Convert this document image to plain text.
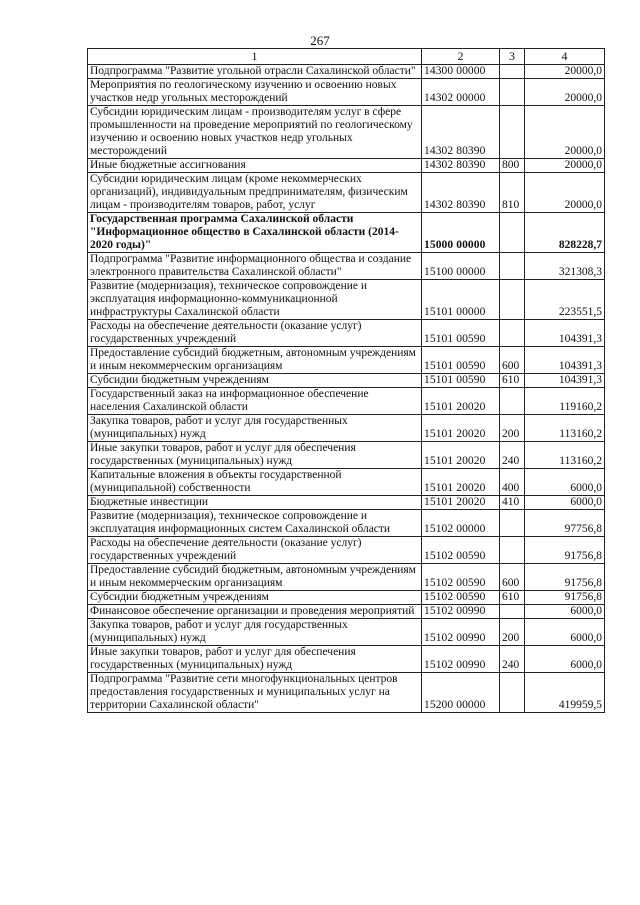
267
1	2	3	4
Подпрограмма "Развитие угольной отрасли Сахалинской области"	14300 00000		20000,0
Мероприятия по геологическому изучению и освоению новых участков недр угольных месторождений	14302 00000		20000,0
Субсидии юридическим лицам - производителям услуг в сфере промышленности на проведение мероприятий по геологическому изучению и освоению новых участков недр угольных месторождений	14302 80390		20000,0
Иные бюджетные ассигнования	14302 80390	800	20000,0
Субсидии юридическим лицам (кроме некоммерческих организаций), индивидуальным предпринимателям, физическим лицам - производителям товаров, работ, услуг	14302 80390	810	20000,0
Государственная программа Сахалинской области "Информационное общество в Сахалинской области (2014-2020 годы)"	15000 00000		828228,7
Подпрограмма "Развитие информационного общества и создание электронного правительства Сахалинской области"	15100 00000		321308,3
Развитие (модернизация), техническое сопровождение и эксплуатация информационно-коммуникационной инфраструктуры Сахалинской области	15101 00000		223551,5
Расходы на обеспечение деятельности (оказание услуг) государственных учреждений	15101 00590		104391,3
Предоставление субсидий бюджетным, автономным учреждениям и иным некоммерческим организациям	15101 00590	600	104391,3
Субсидии бюджетным учреждениям	15101 00590	610	104391,3
Государственный заказ на информационное обеспечение населения Сахалинской области	15101 20020		119160,2
Закупка товаров, работ и услуг для государственных (муниципальных) нужд	15101 20020	200	113160,2
Иные закупки товаров, работ и услуг для обеспечения государственных (муниципальных) нужд	15101 20020	240	113160,2
Капитальные вложения в объекты государственной (муниципальной) собственности	15101 20020	400	6000,0
Бюджетные инвестиции	15101 20020	410	6000,0
Развитие (модернизация), техническое сопровождение и эксплуатация информационных систем Сахалинской области	15102 00000		97756,8
Расходы на обеспечение деятельности (оказание услуг) государственных учреждений	15102 00590		91756,8
Предоставление субсидий бюджетным, автономным учреждениям и иным некоммерческим организациям	15102 00590	600	91756,8
Субсидии бюджетным учреждениям	15102 00590	610	91756,8
Финансовое обеспечение организации и проведения мероприятий	15102 00990		6000,0
Закупка товаров, работ и услуг для государственных (муниципальных) нужд	15102 00990	200	6000,0
Иные закупки товаров, работ и услуг для обеспечения государственных (муниципальных) нужд	15102 00990	240	6000,0
Подпрограмма "Развитие сети многофункциональных центров предоставления государственных и муниципальных услуг на территории Сахалинской области"	15200 00000		419959,5
